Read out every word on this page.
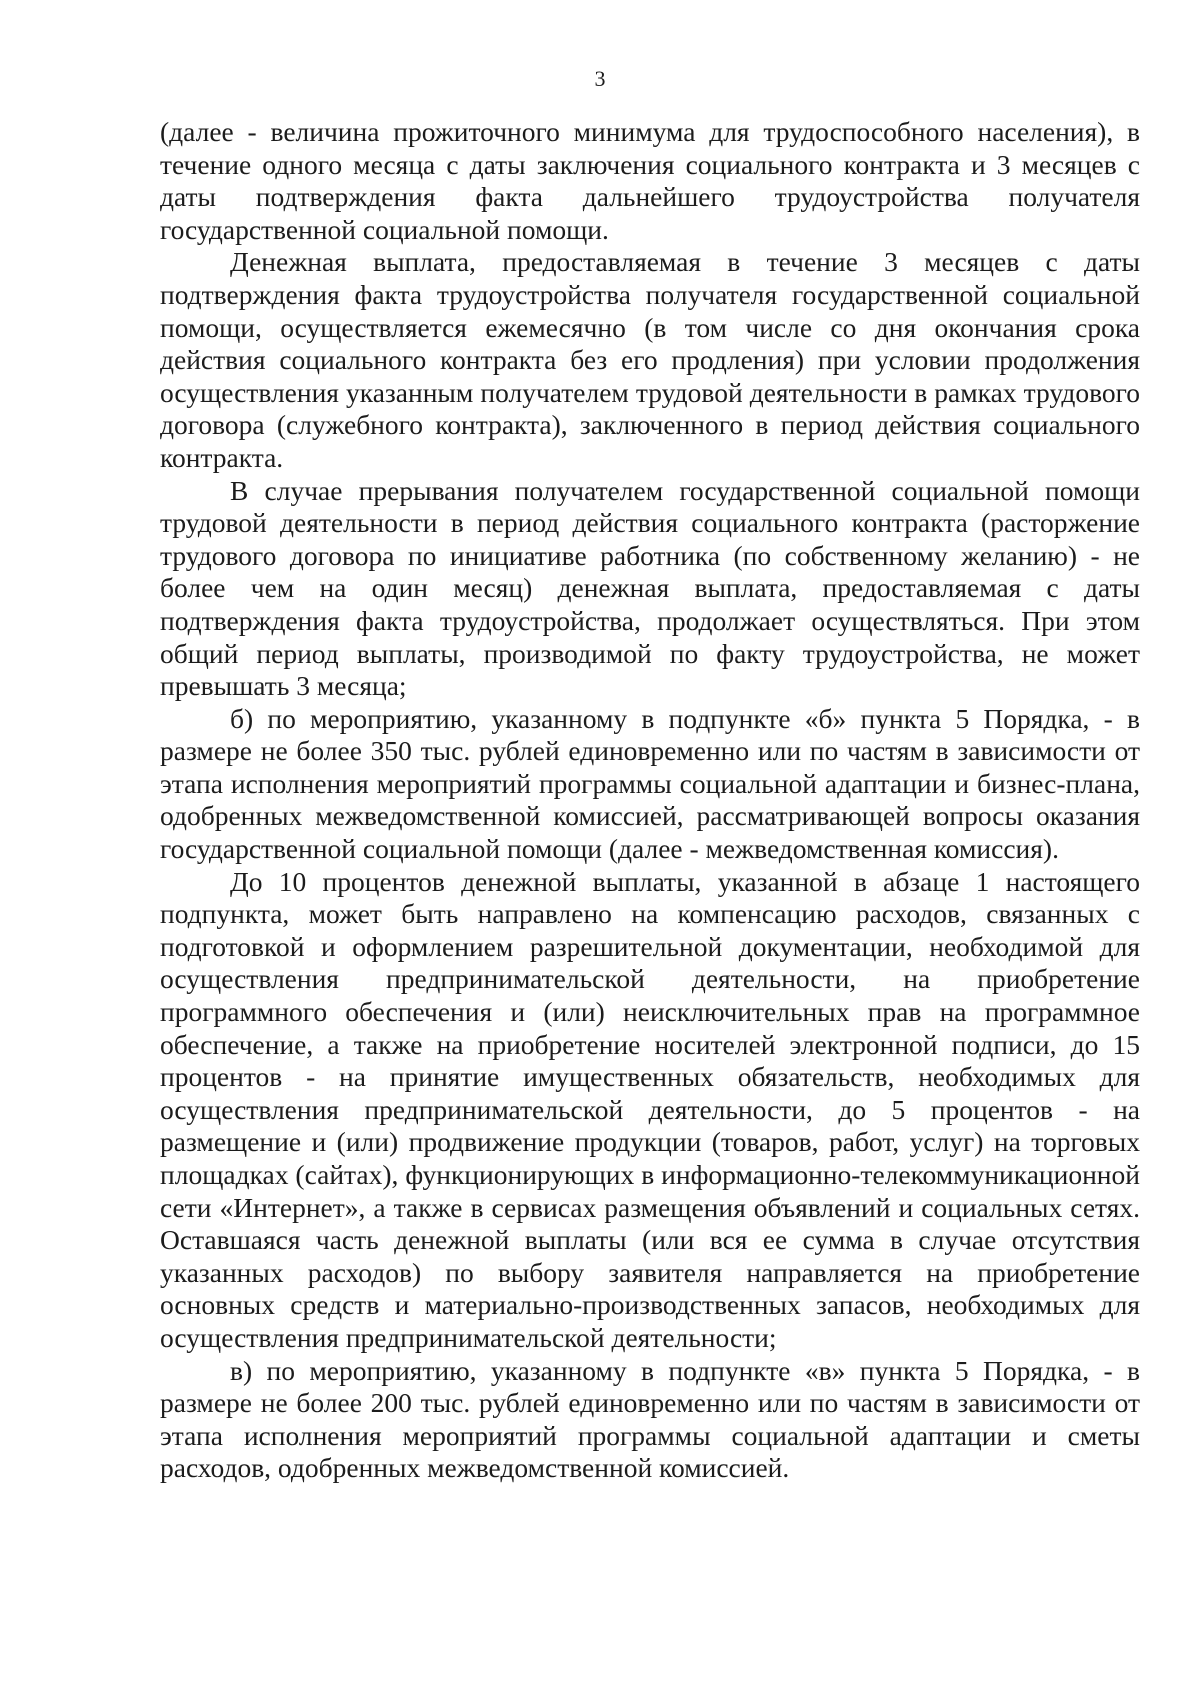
3

(далее - величина прожиточного минимума для трудоспособного населения), в течение одного месяца с даты заключения социального контракта и 3 месяцев с даты подтверждения факта дальнейшего трудоустройства получателя государственной социальной помощи.

Денежная выплата, предоставляемая в течение 3 месяцев с даты подтверждения факта трудоустройства получателя государственной социальной помощи, осуществляется ежемесячно (в том числе со дня окончания срока действия социального контракта без его продления) при условии продолжения осуществления указанным получателем трудовой деятельности в рамках трудового договора (служебного контракта), заключенного в период действия социального контракта.

В случае прерывания получателем государственной социальной помощи трудовой деятельности в период действия социального контракта (расторжение трудового договора по инициативе работника (по собственному желанию) - не более чем на один месяц) денежная выплата, предоставляемая с даты подтверждения факта трудоустройства, продолжает осуществляться. При этом общий период выплаты, производимой по факту трудоустройства, не может превышать 3 месяца;

б) по мероприятию, указанному в подпункте «б» пункта 5 Порядка, - в размере не более 350 тыс. рублей единовременно или по частям в зависимости от этапа исполнения мероприятий программы социальной адаптации и бизнес-плана, одобренных межведомственной комиссией, рассматривающей вопросы оказания государственной социальной помощи (далее - межведомственная комиссия).

До 10 процентов денежной выплаты, указанной в абзаце 1 настоящего подпункта, может быть направлено на компенсацию расходов, связанных с подготовкой и оформлением разрешительной документации, необходимой для осуществления предпринимательской деятельности, на приобретение программного обеспечения и (или) неисключительных прав на программное обеспечение, а также на приобретение носителей электронной подписи, до 15 процентов - на принятие имущественных обязательств, необходимых для осуществления предпринимательской деятельности, до 5 процентов - на размещение и (или) продвижение продукции (товаров, работ, услуг) на торговых площадках (сайтах), функционирующих в информационно-телекоммуникационной сети «Интернет», а также в сервисах размещения объявлений и социальных сетях. Оставшаяся часть денежной выплаты (или вся ее сумма в случае отсутствия указанных расходов) по выбору заявителя направляется на приобретение основных средств и материально-производственных запасов, необходимых для осуществления предпринимательской деятельности;

в) по мероприятию, указанному в подпункте «в» пункта 5 Порядка, - в размере не более 200 тыс. рублей единовременно или по частям в зависимости от этапа исполнения мероприятий программы социальной адаптации и сметы расходов, одобренных межведомственной комиссией.
